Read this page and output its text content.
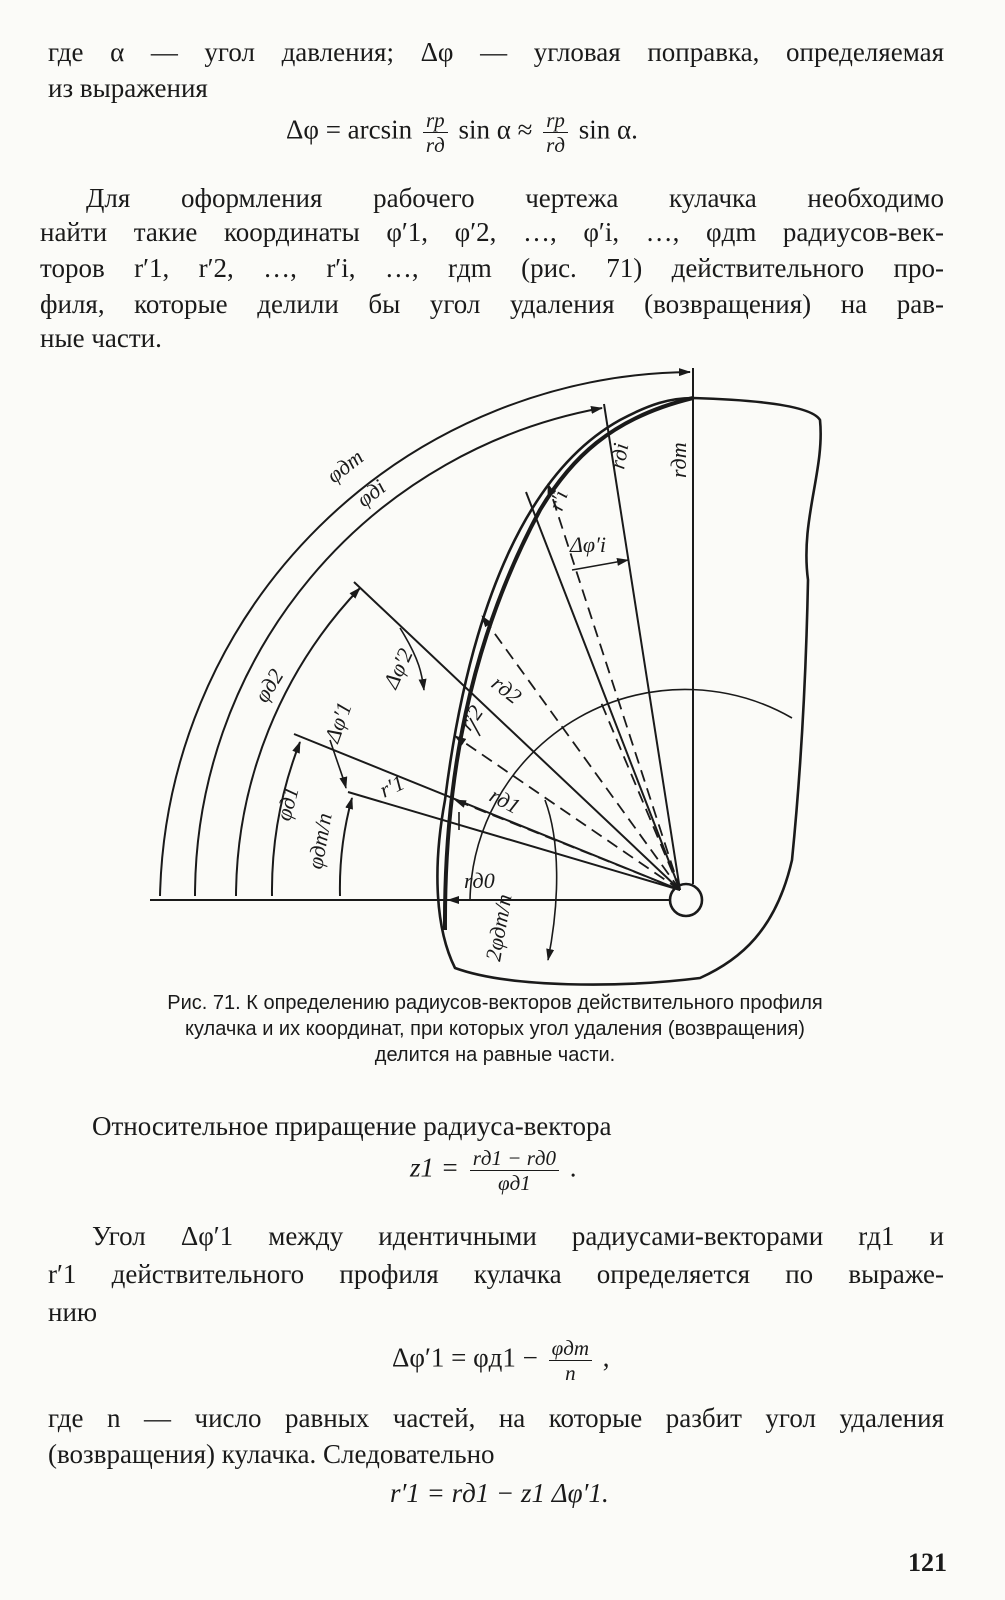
где α — угол давления; Δφ — угловая поправка, определяемая

из выражения

$\Delta\varphi = \arcsin \frac{rр}{rд}$ $\sin \alpha \approx \frac{rр}{rд}$ sin α.

Для оформления рабочего чертежа кулачка необходимо

найти такие координаты φ′1, φ′2, …, φ′i, …, φдm радиусов-век-

торов r′1, r′2, …, r′i, …, rдm (рис. 71) действительного про-

филя, которые делили бы угол удаления (возвращения) на рав-

ные части.

φдm
φдi
φд2
φд1
φдm/n
2φдm/n
Δφ′1
Δφ′2
Δφ′i
r′1
r′2
r′i
rд0
rд1
rд2
rдi rдm
Рис. 71. К определению радиусов-векторов действительного профиля кулачка и их координат, при которых угол удаления (возвращения) делится на равные части.

Относительное приращение радиуса-вектора

$z1 = \frac{rд1 - rд0}{\varphi д1}$ .

Угол Δφ′1 между идентичными радиусами-векторами rд1 и

r′1 действительного профиля кулачка определяется по выраже-

нию

$\Delta\varphi'1 = \varphi д1 - \frac{\text{φдm}}{n}$ ,

где n — число равных частей, на которые разбит угол удаления

(возвращения) кулачка. Следовательно

r′1 = rд1 − z1 Δφ′1.
121
